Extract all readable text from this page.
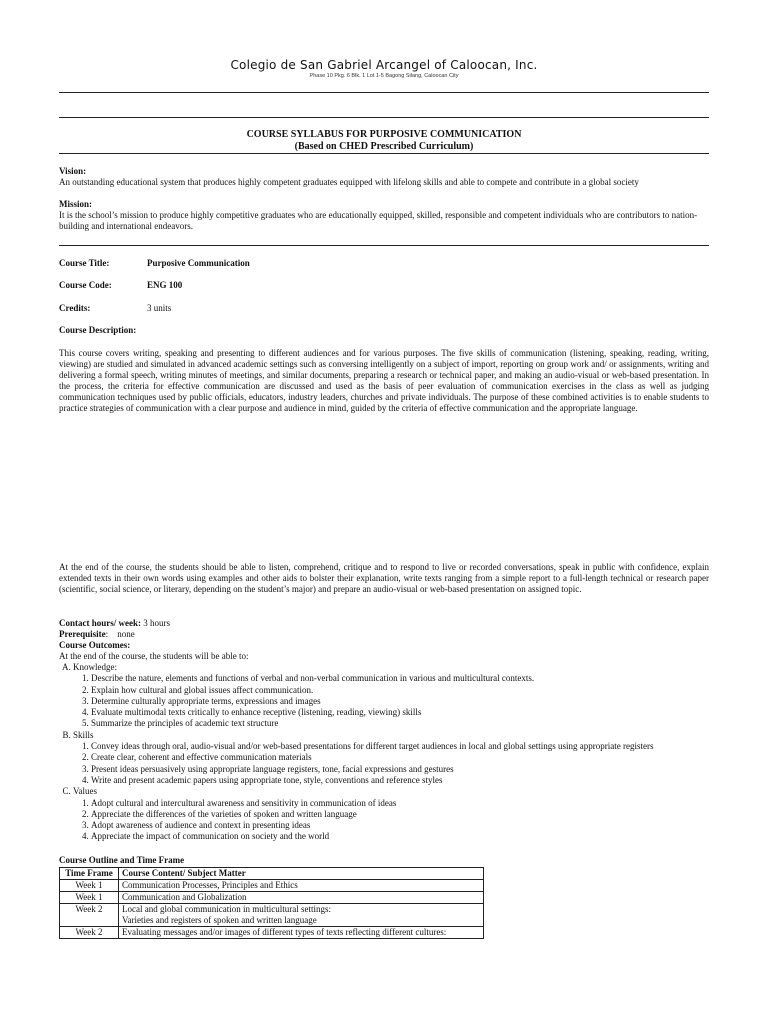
Colegio de San Gabriel Arcangel of Caloocan, Inc.
Phase 10 Pkg. 6 Blk. 1 Lot 1-5 Bagong Silang, Caloocan City
COURSE SYLLABUS FOR PURPOSIVE COMMUNICATION
(Based on CHED Prescribed Curriculum)
Vision:
An outstanding educational system that produces highly competent graduates equipped with lifelong skills and able to compete and contribute in a global society
Mission:
It is the school’s mission to produce highly competitive graduates who are educationally equipped, skilled, responsible and competent individuals who are contributors to nation-building and international endeavors.
Course Title:	Purposive Communication
Course Code:	ENG 100
Credits:	3 units
Course Description:
This course covers writing, speaking and presenting to different audiences and for various purposes. The five skills of communication (listening, speaking, reading, writing, viewing) are studied and simulated in advanced academic settings such as conversing intelligently on a subject of import, reporting on group work and/ or assignments, writing and delivering a formal speech, writing minutes of meetings, and similar documents, preparing a research or technical paper, and making an audio-visual or web-based presentation. In the process, the criteria for effective communication are discussed and used as the basis of peer evaluation of communication exercises in the class as well as judging communication techniques used by public officials, educators, industry leaders, churches and private individuals. The purpose of these combined activities is to enable students to practice strategies of communication with a clear purpose and audience in mind, guided by the criteria of effective communication and the appropriate language.
At the end of the course, the students should be able to listen, comprehend, critique and to respond to live or recorded conversations, speak in public with confidence, explain extended texts in their own words using examples and other aids to bolster their explanation, write texts ranging from a simple report to a full-length technical or research paper (scientific, social science, or literary, depending on the student’s major) and prepare an audio-visual or web-based presentation on assigned topic.
Contact hours/ week: 3 hours
Prerequisite:    none
Course Outcomes:
At the end of the course, the students will be able to:
A. Knowledge:
1. Describe the nature, elements and functions of verbal and non-verbal communication in various and multicultural contexts.
2. Explain how cultural and global issues affect communication.
3. Determine culturally appropriate terms, expressions and images
4. Evaluate multimodal texts critically to enhance receptive (listening, reading, viewing) skills
5. Summarize the principles of academic text structure
B. Skills
1. Convey ideas through oral, audio-visual and/or web-based presentations for different target audiences in local and global settings using appropriate registers
2. Create clear, coherent and effective communication materials
3. Present ideas persuasively using appropriate language registers, tone, facial expressions and gestures
4. Write and present academic papers using appropriate tone, style, conventions and reference styles
C. Values
1. Adopt cultural and intercultural awareness and sensitivity in communication of ideas
2. Appreciate the differences of the varieties of spoken and written language
3. Adopt awareness of audience and context in presenting ideas
4. Appreciate the impact of communication on society and the world
Course Outline and Time Frame
Time Frame	Course Content/ Subject Matter
Week 1	Communication Processes, Principles and Ethics

Week 1	Communication and Globalization

Week 2	Local and global communication in multicultural settings:
Varieties and registers of spoken and written language

Week 2	Evaluating messages and/or images of different types of texts reflecting different cultures:
